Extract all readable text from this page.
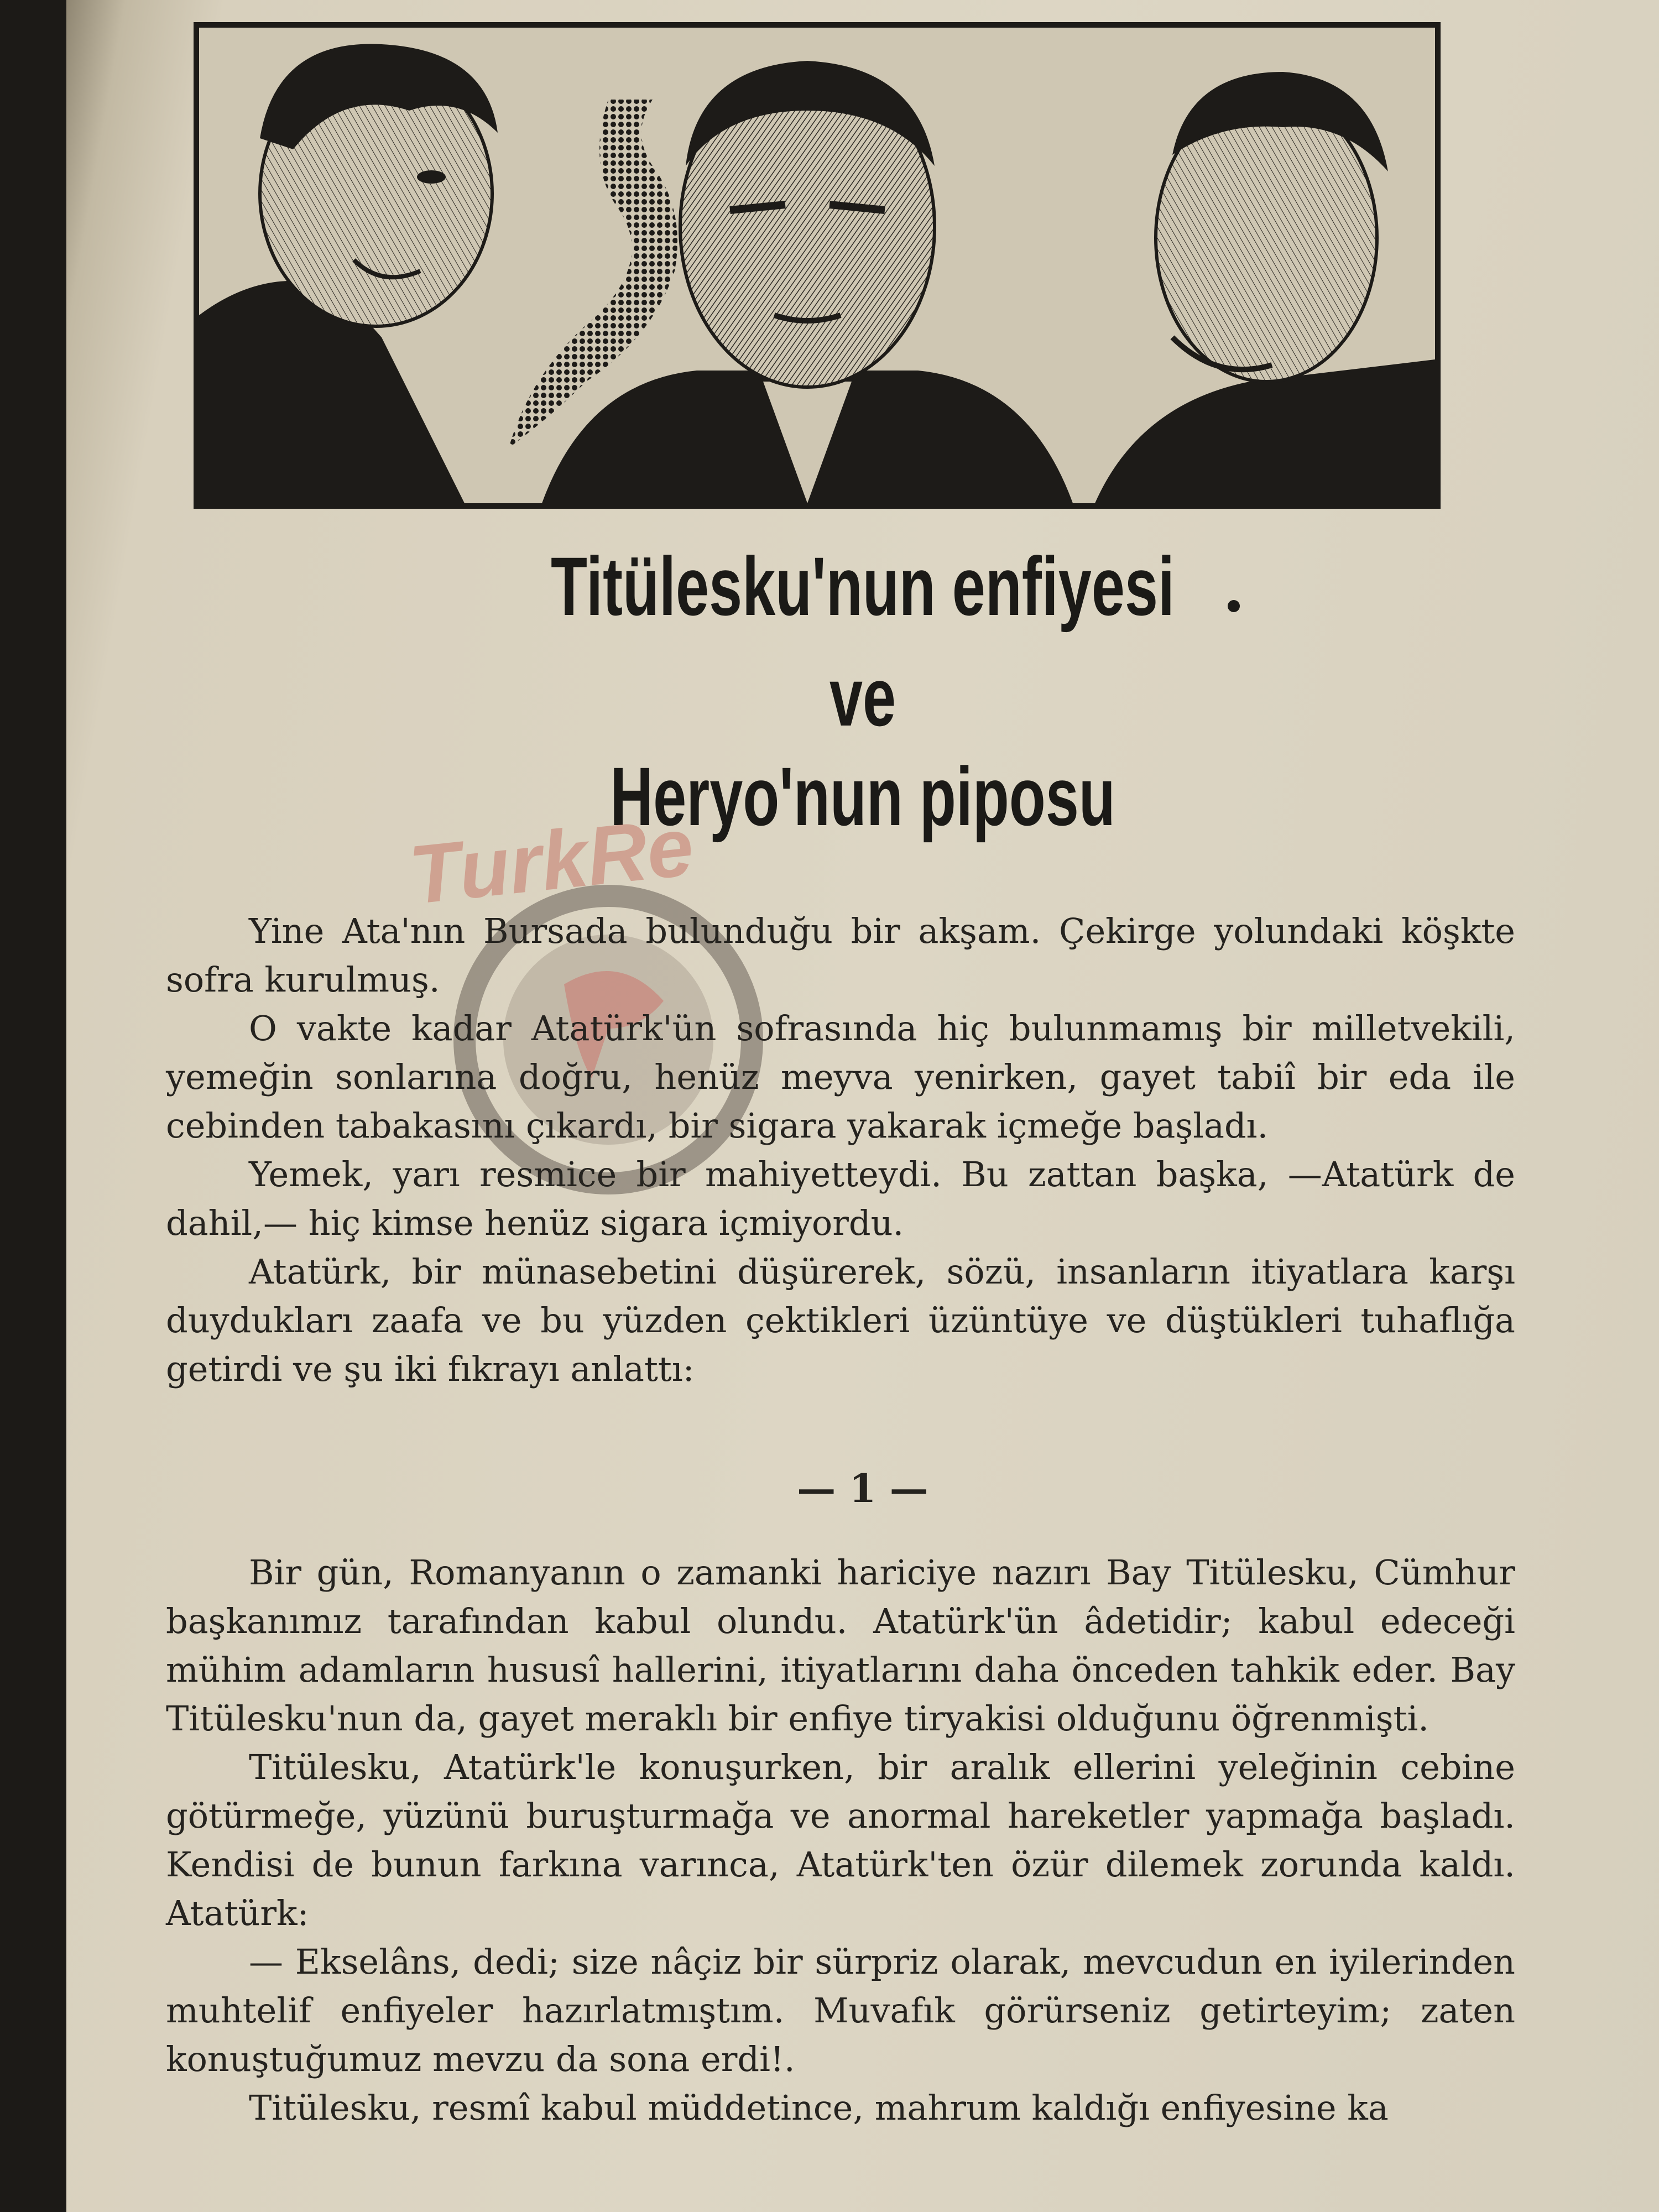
Titülesku'nun enfiyesi
ve
Heryo'nun piposu
TurkRe

Yine Ata'nın Bursada bulunduğu bir akşam. Çekirge yolundaki köşkte sofra kurulmuş.

O vakte kadar Atatürk'ün sofrasında hiç bulunmamış bir milletvekili, yemeğin sonlarına doğru, henüz meyva yenirken, gayet tabiî bir eda ile cebinden tabakasını çıkardı, bir sigara yakarak içmeğe başladı.

Yemek, yarı resmice bir mahiyetteydi. Bu zattan başka, —Atatürk de dahil,— hiç kimse henüz sigara içmiyordu.

Atatürk, bir münasebetini düşürerek, sözü, insanların itiyatlara karşı duydukları zaafa ve bu yüzden çektikleri üzüntüye ve düştükleri tuhaflığa getirdi ve şu iki fıkrayı anlattı:

— 1 —

Bir gün, Romanyanın o zamanki hariciye nazırı Bay Titülesku, Cümhur başkanımız tarafından kabul olundu. Atatürk'ün âdetidir; kabul edeceği mühim adamların hususî hallerini, itiyatlarını daha önceden tahkik eder. Bay Titülesku'nun da, gayet meraklı bir enfiye tiryakisi olduğunu öğrenmişti.

Titülesku, Atatürk'le konuşurken, bir aralık ellerini yeleğinin cebine götürmeğe, yüzünü buruşturmağa ve anormal hareketler yapmağa başladı. Kendisi de bunun farkına varınca, Atatürk'ten özür dilemek zorunda kaldı. Atatürk:

— Ekselâns, dedi; size nâçiz bir sürpriz olarak, mevcudun en iyilerinden muhtelif enfiyeler hazırlatmıştım. Muvafık görürseniz getirteyim; zaten konuştuğumuz mevzu da sona erdi!.

Titülesku, resmî kabul müddetince, mahrum kaldığı enfiyesine ka
